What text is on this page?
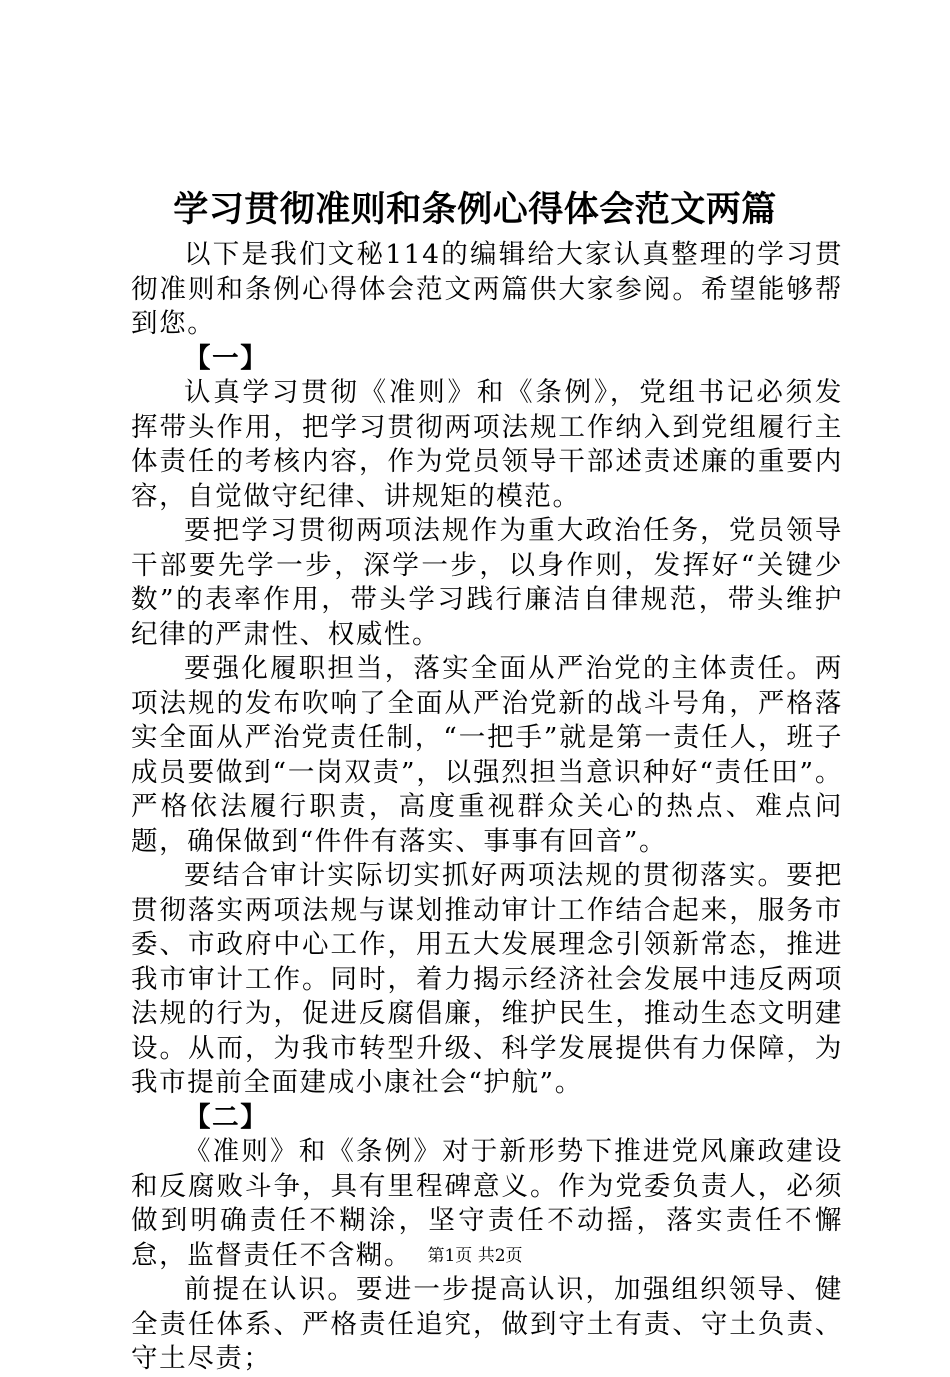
学习贯彻准则和条例心得体会范文两篇

以下是我们文秘114的编辑给大家认真整理的学习贯彻准则和条例心得体会范文两篇供大家参阅。希望能够帮到您。

【一】

认真学习贯彻《准则》和《条例》，党组书记必须发挥带头作用，把学习贯彻两项法规工作纳入到党组履行主体责任的考核内容，作为党员领导干部述责述廉的重要内容，自觉做守纪律、讲规矩的模范。

要把学习贯彻两项法规作为重大政治任务，党员领导干部要先学一步，深学一步，以身作则，发挥好“关键少数”的表率作用，带头学习践行廉洁自律规范，带头维护纪律的严肃性、权威性。

要强化履职担当，落实全面从严治党的主体责任。两项法规的发布吹响了全面从严治党新的战斗号角，严格落实全面从严治党责任制，“一把手”就是第一责任人，班子成员要做到“一岗双责”，以强烈担当意识种好“责任田”。严格依法履行职责，高度重视群众关心的热点、难点问题，确保做到“件件有落实、事事有回音”。

要结合审计实际切实抓好两项法规的贯彻落实。要把贯彻落实两项法规与谋划推动审计工作结合起来，服务市委、市政府中心工作，用五大发展理念引领新常态，推进我市审计工作。同时，着力揭示经济社会发展中违反两项法规的行为，促进反腐倡廉，维护民生，推动生态文明建设。从而，为我市转型升级、科学发展提供有力保障，为我市提前全面建成小康社会“护航”。

【二】

《准则》和《条例》对于新形势下推进党风廉政建设和反腐败斗争，具有里程碑意义。作为党委负责人，必须做到明确责任不糊涂，坚守责任不动摇，落实责任不懈怠，监督责任不含糊。

前提在认识。要进一步提高认识，加强组织领导、健全责任体系、严格责任追究，做到守土有责、守土负责、守土尽责；

第1页 共2页
